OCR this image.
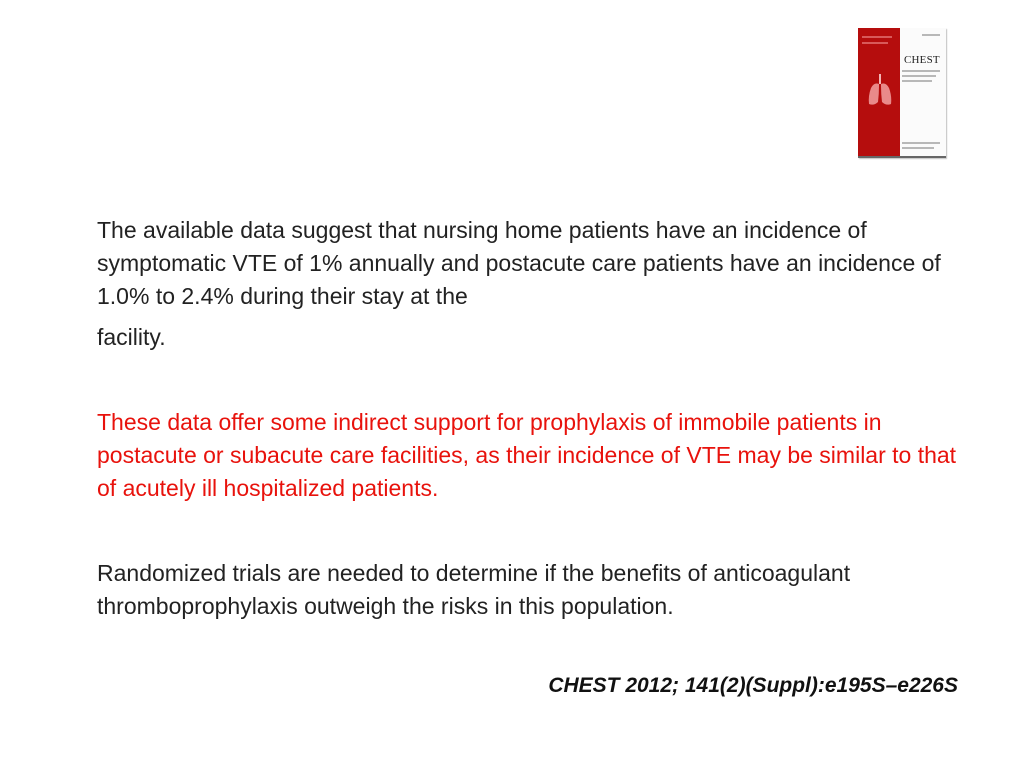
CHEST

The available data suggest that nursing home patients have an incidence of symptomatic VTE of 1% annually and postacute care patients have an incidence of 1.0% to 2.4% during their stay at the
facility.

These data offer some indirect support for prophylaxis of immobile patients in postacute or subacute care facilities, as their incidence of VTE may be similar to that of acutely ill hospitalized patients.

Randomized trials are needed to determine if the benefits of anticoagulant thromboprophylaxis outweigh the risks in this population.

CHEST 2012; 141(2)(Suppl):e195S–e226S
